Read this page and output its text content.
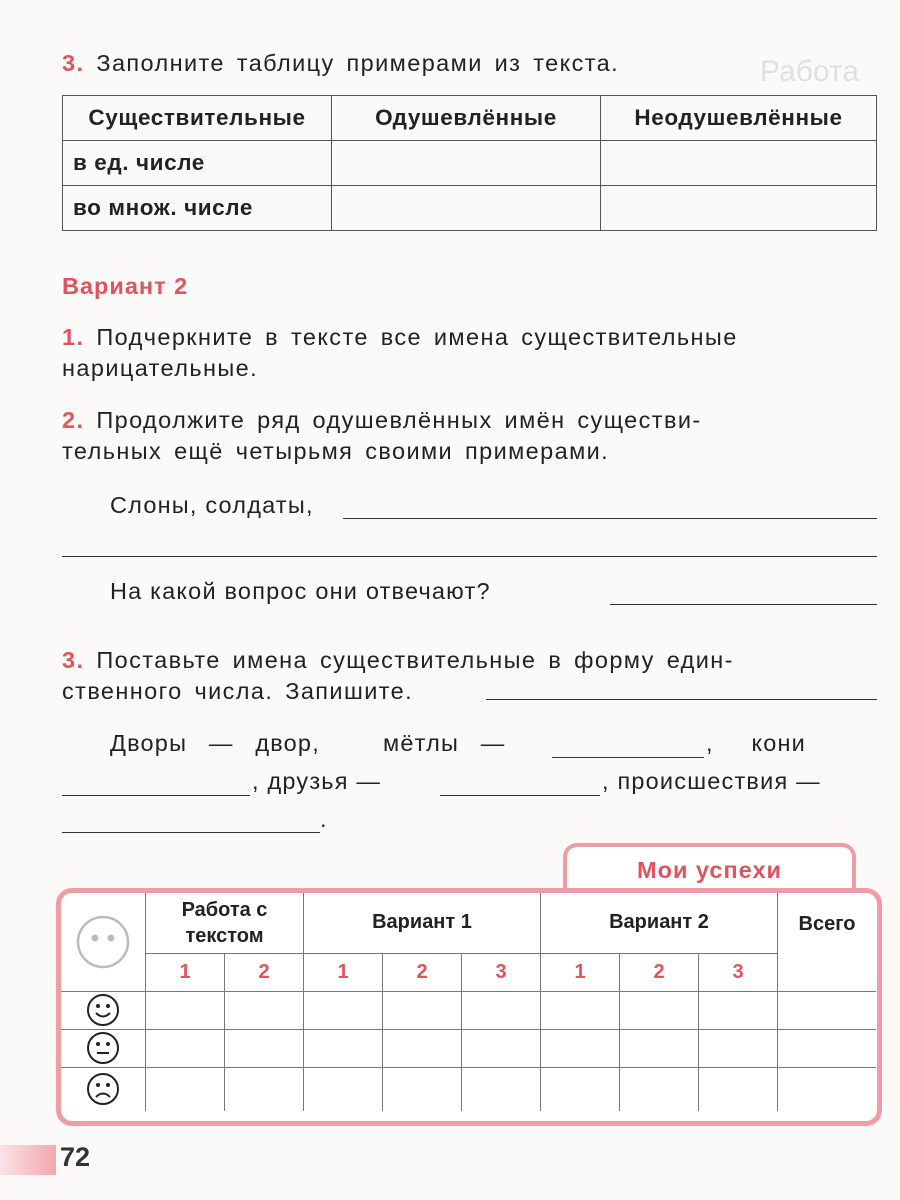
Работа
3. Заполните таблицу примерами из текста.
Существительные	Одушевлённые	Неодушевлённые
в ед. числе		
во множ. числе		
Вариант 2
1. Подчеркните в тексте все имена существительные
нарицательные.
2. Продолжите ряд одушевлённых имён существи-
тельных ещё четырьмя своими примерами.
Слоны, солдаты,
На какой вопрос они отвечают?
3. Поставьте имена существительные в форму един-
ственного числа. Запишите.
Дворы — двор,	мётлы —	, кони
, друзья —	, происшествия —
.
Мои успехи
	Работа с текстом		Вариант 1			Вариант 2			Всего
	1	2	1	2	3	1	2	3	

72
